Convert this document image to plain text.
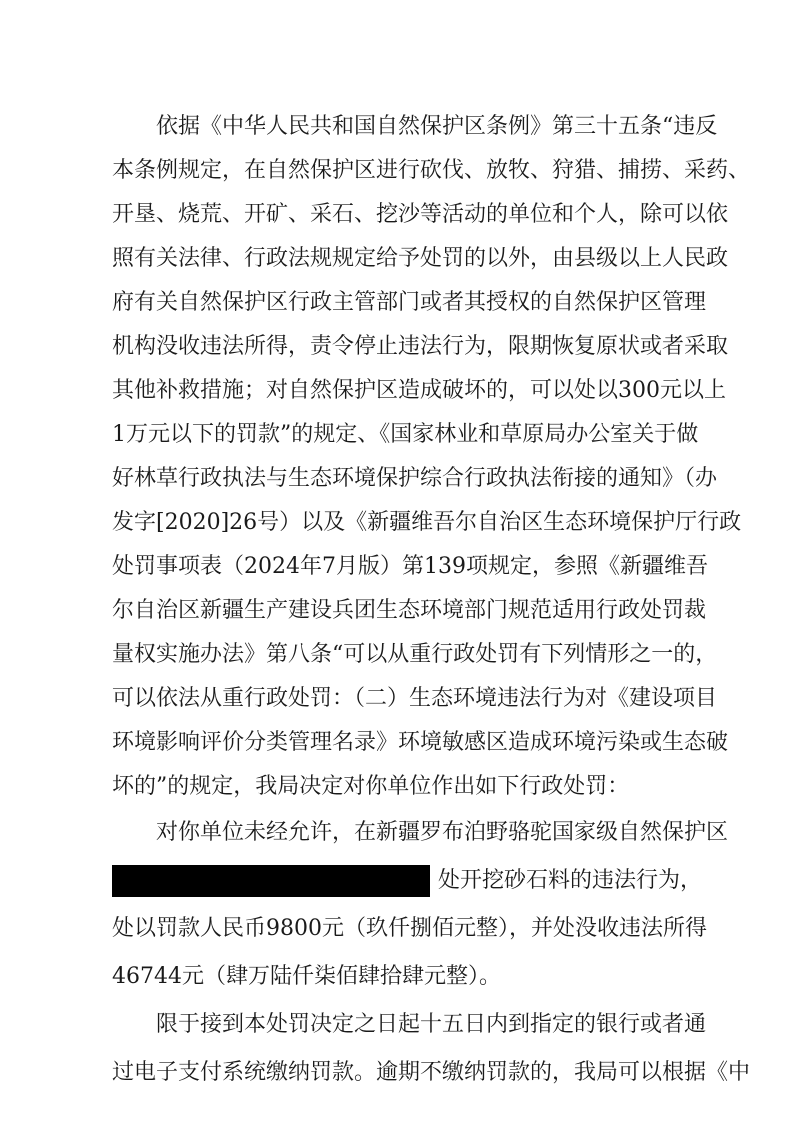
依据《中华人民共和国自然保护区条例》第三十五条“违反
本条例规定，在自然保护区进行砍伐、放牧、狩猎、捕捞、采药、
开垦、烧荒、开矿、采石、挖沙等活动的单位和个人，除可以依
照有关法律、行政法规规定给予处罚的以外，由县级以上人民政
府有关自然保护区行政主管部门或者其授权的自然保护区管理
机构没收违法所得，责令停止违法行为，限期恢复原状或者采取
其他补救措施；对自然保护区造成破坏的，可以处以300元以上
1万元以下的罚款”的规定、《国家林业和草原局办公室关于做
好林草行政执法与生态环境保护综合行政执法衔接的通知》（办
发字[2020]26号）以及《新疆维吾尔自治区生态环境保护厅行政
处罚事项表（2024年7月版）第139项规定，参照《新疆维吾
尔自治区新疆生产建设兵团生态环境部门规范适用行政处罚裁
量权实施办法》第八条“可以从重行政处罚有下列情形之一的，
可以依法从重行政处罚：（二）生态环境违法行为对《建设项目
环境影响评价分类管理名录》环境敏感区造成环境污染或生态破
坏的”的规定，我局决定对你单位作出如下行政处罚：
对你单位未经允许，在新疆罗布泊野骆驼国家级自然保护区
处开挖砂石料的违法行为，
处以罚款人民币9800元（玖仟捌佰元整），并处没收违法所得
46744元（肆万陆仟柒佰肆拾肆元整）。
限于接到本处罚决定之日起十五日内到指定的银行或者通
过电子支付系统缴纳罚款。逾期不缴纳罚款的，我局可以根据《中
